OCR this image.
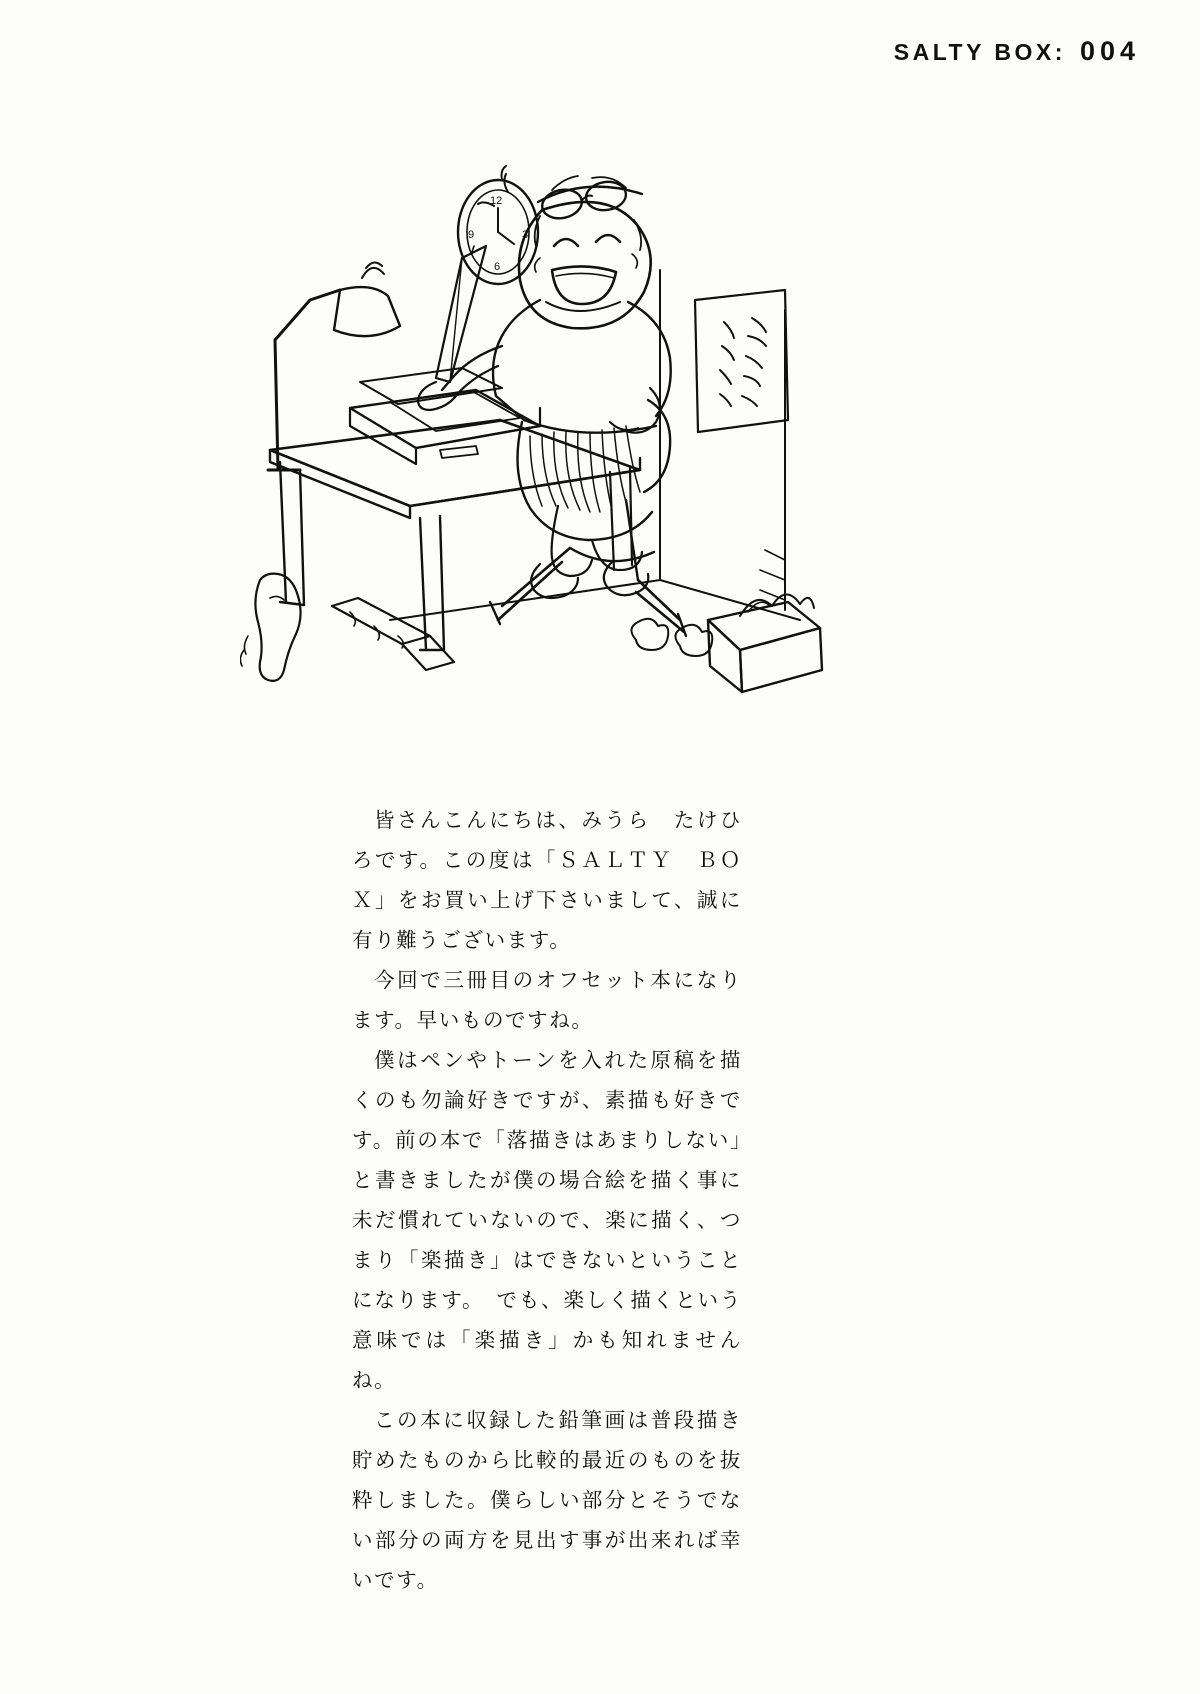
SALTY BOX: 004
12
3
6
9

皆さんこんにちは、みうら　たけひろです。この度は「ＳＡＬＴＹ　ＢＯＸ」をお買い上げ下さいまして、誠に有り難うございます。

今回で三冊目のオフセット本になります。早いものですね。

僕はペンやトーンを入れた原稿を描くのも勿論好きですが、素描も好きです。前の本で「落描きはあまりしない」と書きましたが僕の場合絵を描く事に未だ慣れていないので、楽に描く、つまり「楽描き」はできないということになります。　でも、楽しく描くという意味では「楽描き」かも知れませんね。

この本に収録した鉛筆画は普段描き貯めたものから比較的最近のものを抜粋しました。僕らしい部分とそうでない部分の両方を見出す事が出来れば幸いです。
